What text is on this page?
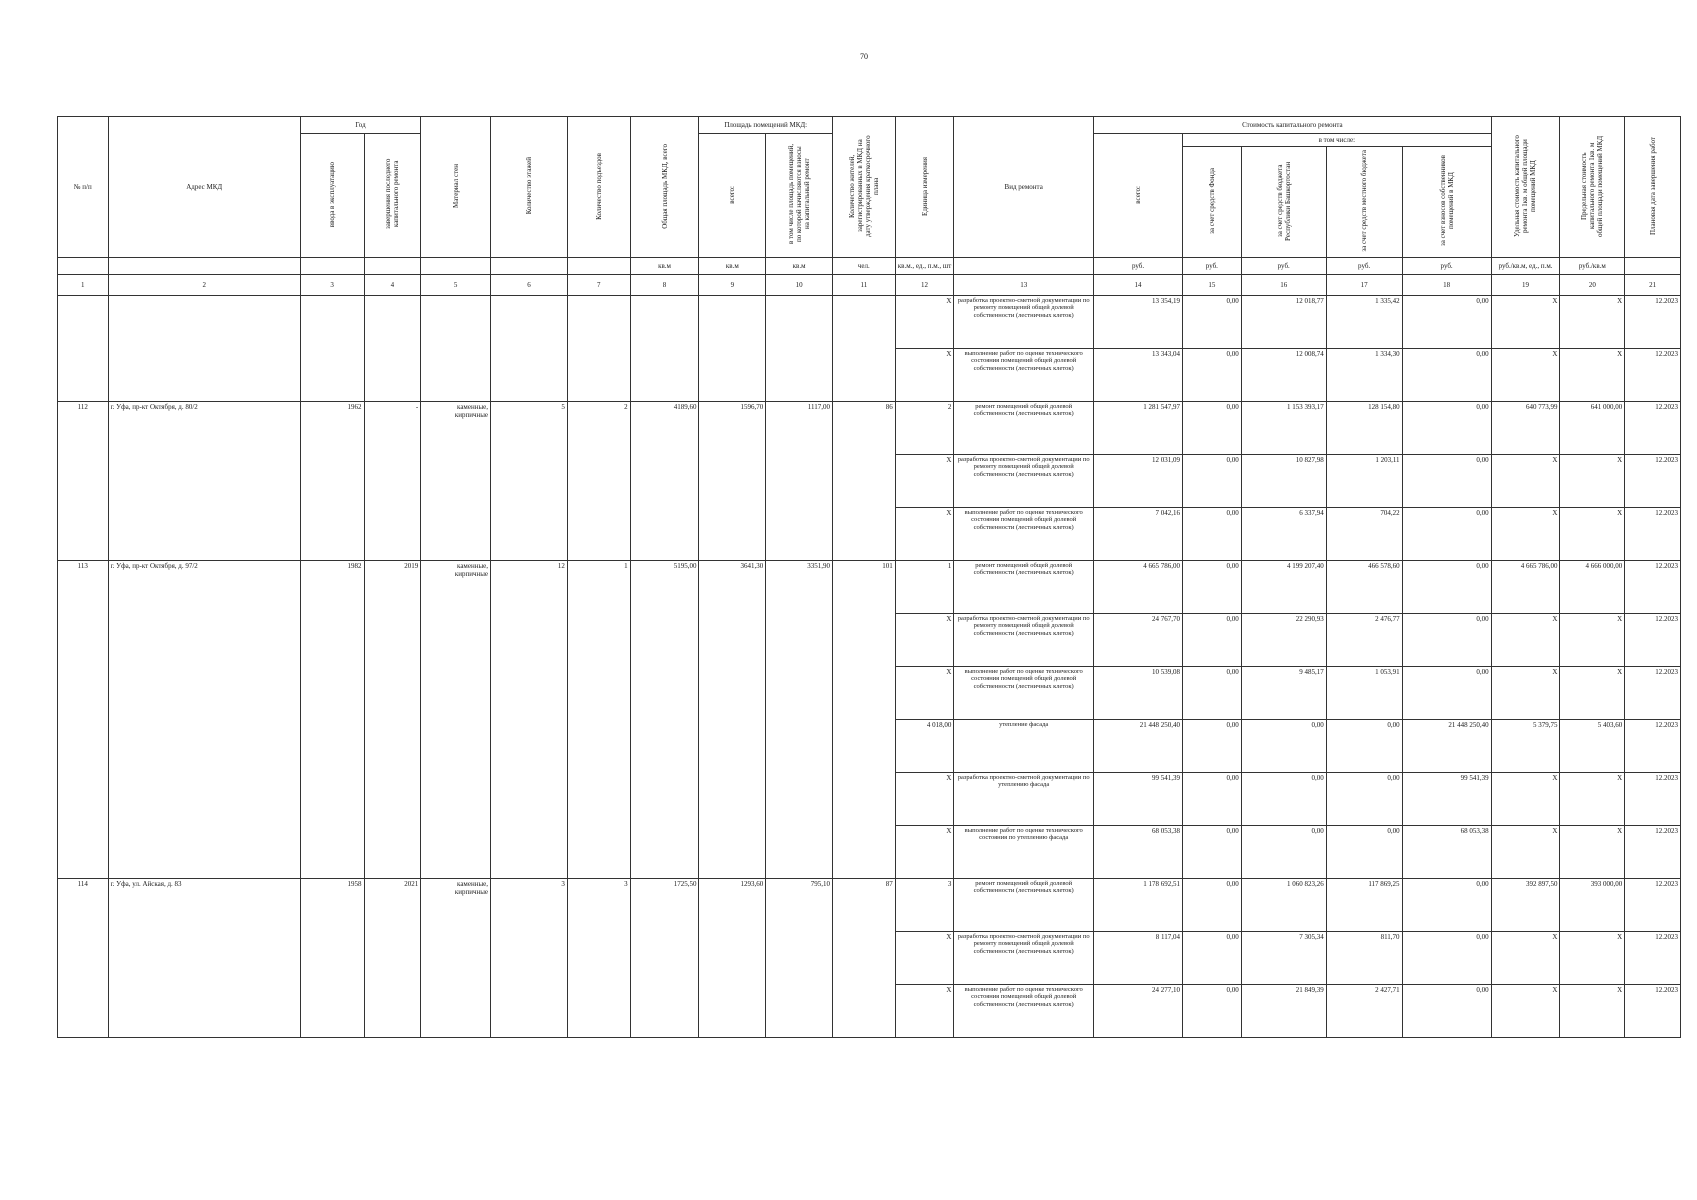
70
№ п/п	Адрес МКД	Год		Материал стен	Количество этажей	Количество подъездов	Общая площадь МКД, всего	Площадь помещений МКД:		Количество жителей, зарегистрированных в МКД на дату утверждения краткосрочного плана	Единица измерения	Вид ремонта	Стоимость капитального ремонта					Удельная стоимость капитального ремонта 1кв. м общей площади помещений МКД	Предельная стоимость капитального ремонта 1кв. м общей площади помещений МКД	Плановая дата завершения работ
		ввода в эксплуатацию	завершения последнего капитального ремонта					всего:	в том числе площадь помещений, по которой начисляются взносы на капитальный ремонт				всего:	в том числе:						
														за счет средств Фонда	за счет средств бюджета Республики Башкортостан	за счет средств местного бюджета	за счет взносов собственников помещений в МКД			
							кв.м	кв.м	кв.м	чел.	кв.м., ед., п.м., шт		руб.	руб.	руб.	руб.	руб.	руб./кв.м, ед., п.м.	руб./кв.м	
1	2	3	4	5	6	7	8	9	10	11	12	13	14	15	16	17	18	19	20	21
											X	разработка проектно-сметной документации по ремонту помещений общей долевой собственности (лестничных клеток)	13 354,19	0,00	12 018,77	1 335,42	0,00	X	X	12.2023
											X	выполнение работ по оценке технического состояния помещений общей долевой собственности (лестничных клеток)	13 343,04	0,00	12 008,74	1 334,30	0,00	X	X	12.2023
112	г. Уфа, пр-кт Октября, д. 80/2	1962	-	каменные, кирпичные	5	2	4189,60	1596,70	1117,00	86	2	ремонт помещений общей долевой собственности (лестничных клеток)	1 281 547,97	0,00	1 153 393,17	128 154,80	0,00	640 773,99	641 000,00	12.2023
											X	разработка проектно-сметной документации по ремонту помещений общей долевой собственности (лестничных клеток)	12 031,09	0,00	10 827,98	1 203,11	0,00	X	X	12.2023
											X	выполнение работ по оценке технического состояния помещений общей долевой собственности (лестничных клеток)	7 042,16	0,00	6 337,94	704,22	0,00	X	X	12.2023
113	г. Уфа, пр-кт Октября, д. 97/2	1982	2019	каменные, кирпичные	12	1	5195,00	3641,30	3351,90	101	1	ремонт помещений общей долевой собственности (лестничных клеток)	4 665 786,00	0,00	4 199 207,40	466 578,60	0,00	4 665 786,00	4 666 000,00	12.2023
											X	разработка проектно-сметной документации по ремонту помещений общей долевой собственности (лестничных клеток)	24 767,70	0,00	22 290,93	2 476,77	0,00	X	X	12.2023
											X	выполнение работ по оценке технического состояния помещений общей долевой собственности (лестничных клеток)	10 539,08	0,00	9 485,17	1 053,91	0,00	X	X	12.2023
											4 018,00	утепление фасада	21 448 250,40	0,00	0,00	0,00	21 448 250,40	5 379,75	5 403,60	12.2023
											X	разработка проектно-сметной документации по утеплению фасада	99 541,39	0,00	0,00	0,00	99 541,39	X	X	12.2023
											X	выполнение работ по оценке технического состояния по утеплению фасада	68 053,38	0,00	0,00	0,00	68 053,38	X	X	12.2023
114	г. Уфа, ул. Айская, д. 83	1958	2021	каменные, кирпичные	3	3	1725,50	1293,60	795,10	87	3	ремонт помещений общей долевой собственности (лестничных клеток)	1 178 692,51	0,00	1 060 823,26	117 869,25	0,00	392 897,50	393 000,00	12.2023
											X	разработка проектно-сметной документации по ремонту помещений общей долевой собственности (лестничных клеток)	8 117,04	0,00	7 305,34	811,70	0,00	X	X	12.2023
											X	выполнение работ по оценке технического состояния помещений общей долевой собственности (лестничных клеток)	24 277,10	0,00	21 849,39	2 427,71	0,00	X	X	12.2023
